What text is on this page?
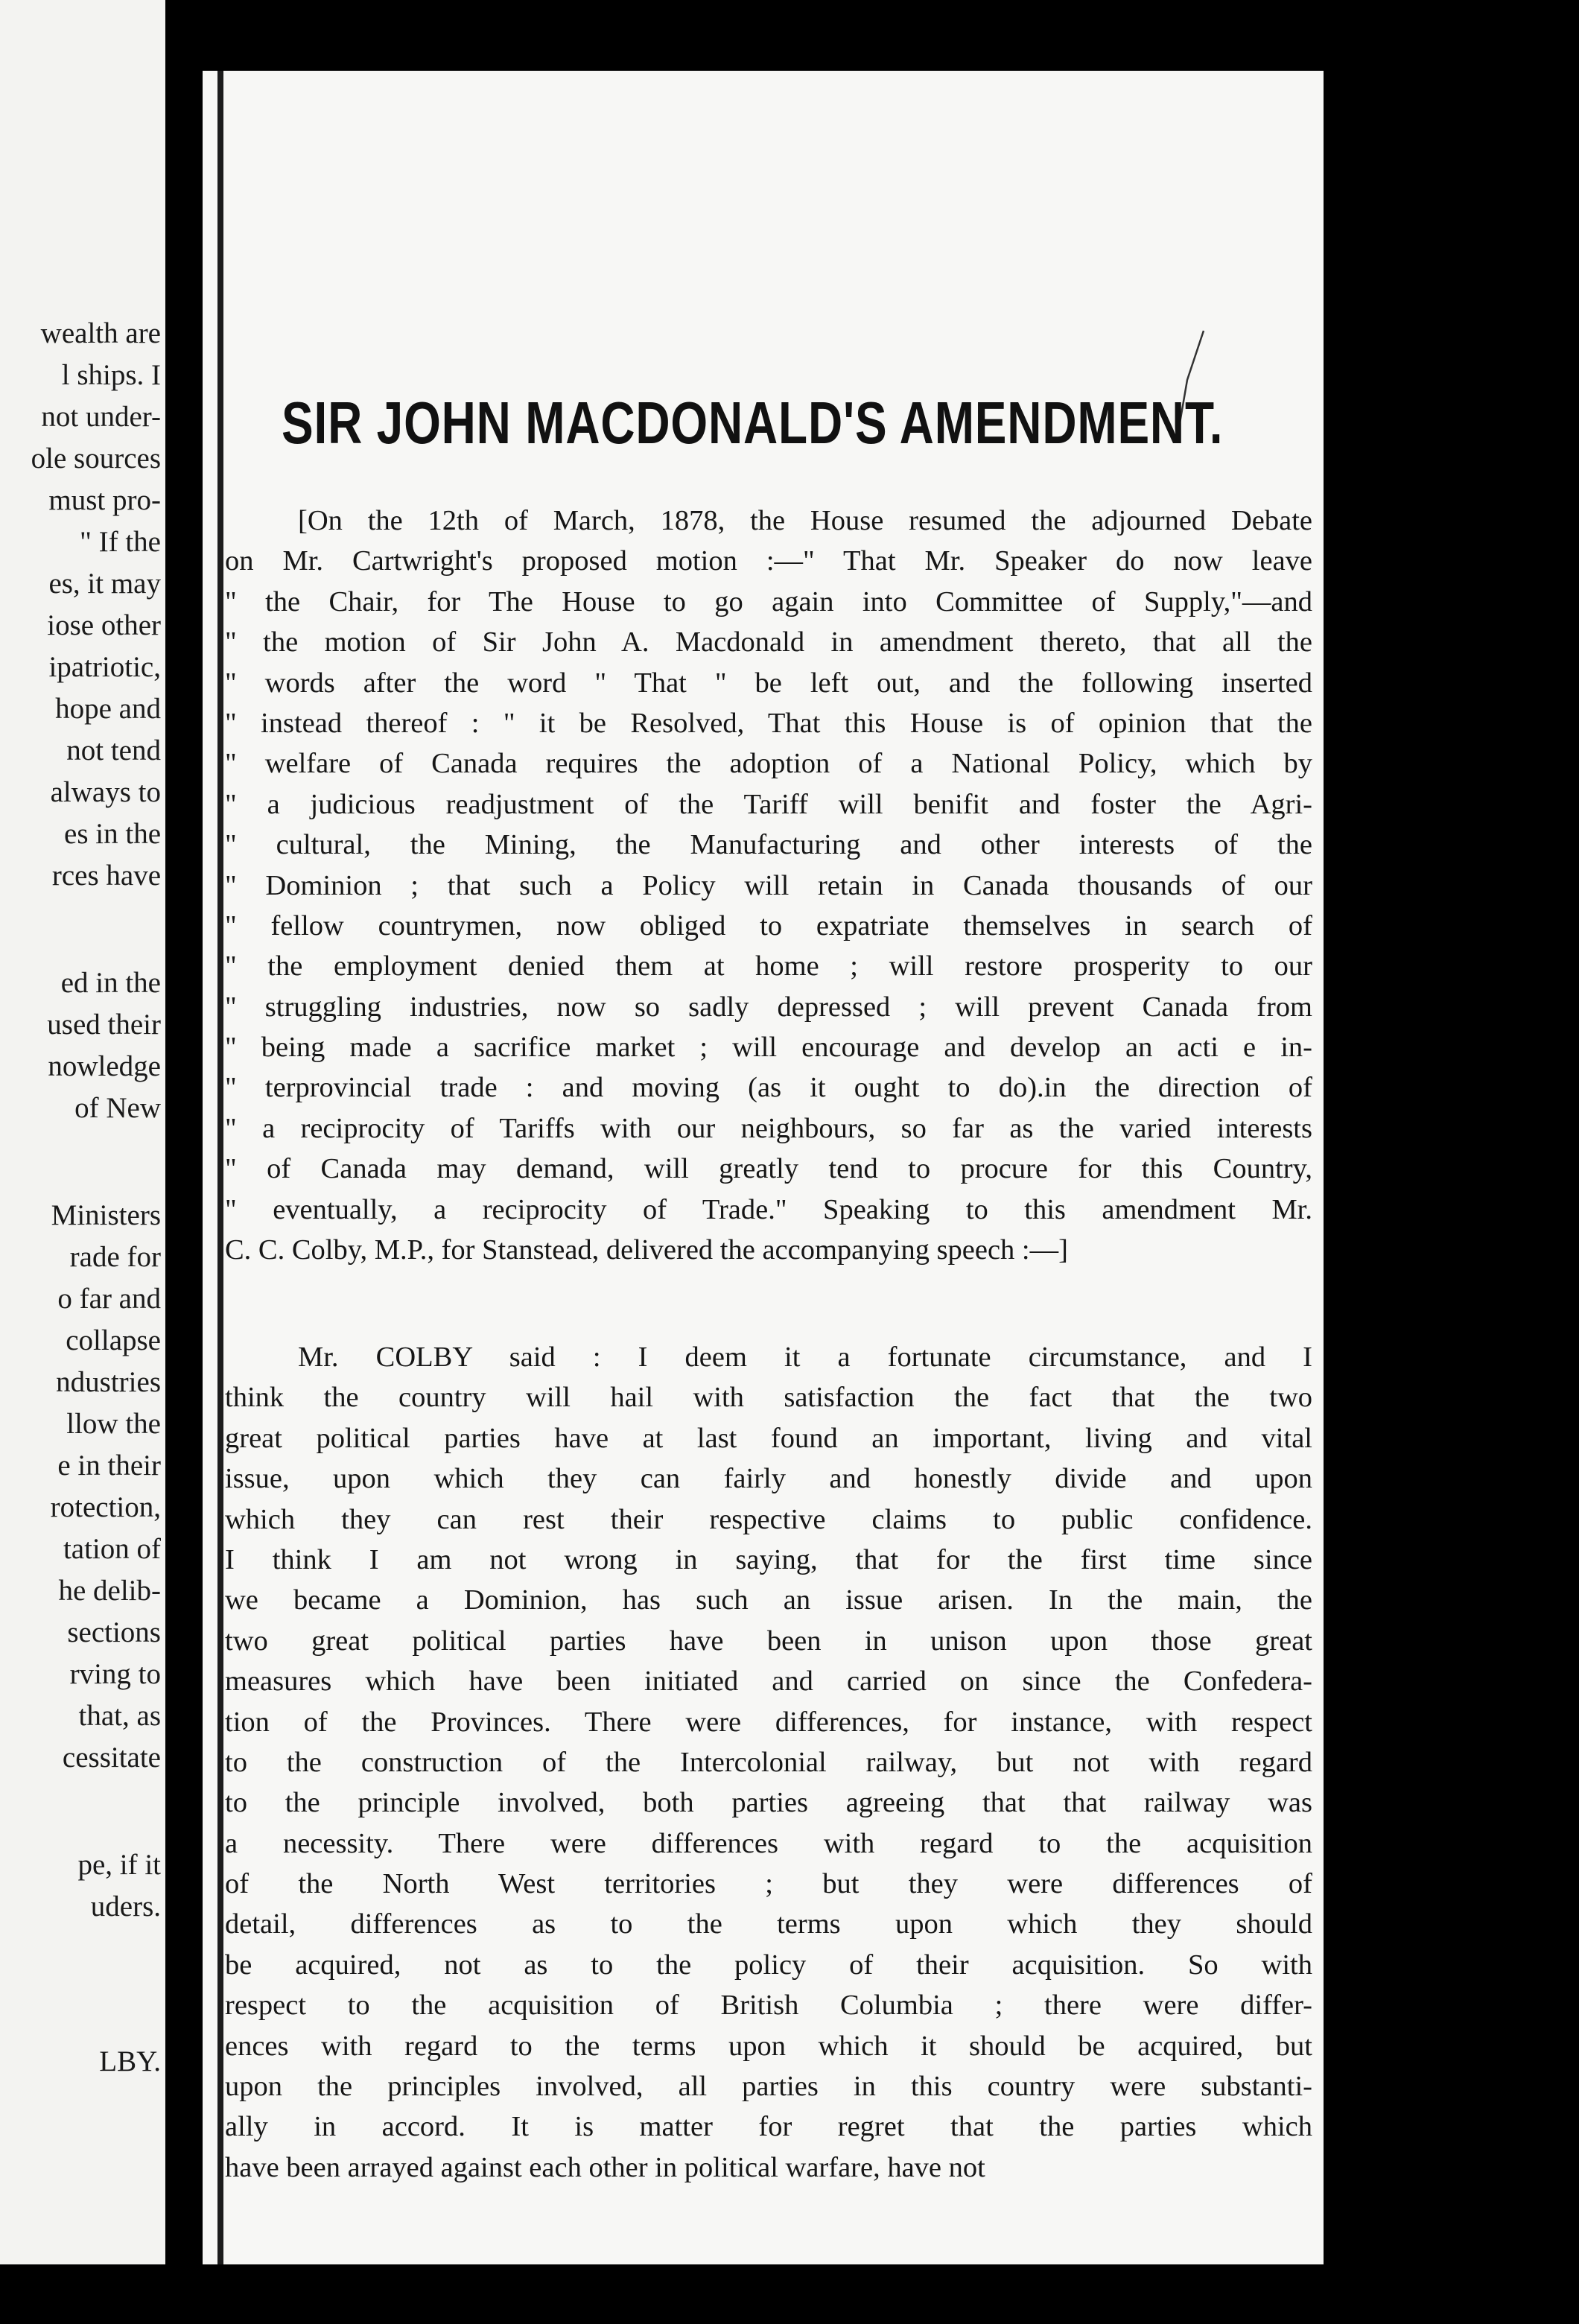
wealth are
l ships. I
not under-
ole sources
must pro-
" If the
es, it may
iose other
ipatriotic,
hope and
not tend
always to
es in the
rces have
ed in the
used their
nowledge
of New
Ministers
rade for
o far and
collapse
ndustries
llow the
e in their
rotection,
tation of
he delib-
sections
rving to
that, as
cessitate
pe, if it
uders.
LBY.
SIR JOHN MACDONALD'S AMENDMENT.
[On the 12th of March, 1878, the House resumed the adjourned Debate
on Mr. Cartwright's proposed motion :—" That Mr. Speaker do now leave
" the Chair, for The House to go again into Committee of Supply,"—and
" the motion of Sir John A. Macdonald in amendment thereto, that all the
" words after the word " That " be left out, and the following inserted
" instead thereof : " it be Resolved, That this House is of opinion that the
" welfare of Canada requires the adoption of a National Policy, which by
" a judicious readjustment of the Tariff will benifit and foster the Agri-
" cultural, the Mining, the Manufacturing and other interests of the
" Dominion ; that such a Policy will retain in Canada thousands of our
" fellow countrymen, now obliged to expatriate themselves in search of
" the employment denied them at home ; will restore prosperity to our
" struggling industries, now so sadly depressed ; will prevent Canada from
" being made a sacrifice market ; will encourage and develop an acti e in-
" terprovincial trade : and moving (as it ought to do).in the direction of
" a reciprocity of Tariffs with our neighbours, so far as the varied interests
" of Canada may demand, will greatly tend to procure for this Country,
" eventually, a reciprocity of Trade." Speaking to this amendment Mr.
C. C. Colby, M.P., for Stanstead, delivered the accompanying speech :—]
Mr. COLBY said : I deem it a fortunate circumstance, and I
think the country will hail with satisfaction the fact that the two
great political parties have at last found an important, living and vital
issue, upon which they can fairly and honestly divide and upon
which they can rest their respective claims to public confidence.
I think I am not wrong in saying, that for the first time since
we became a Dominion, has such an issue arisen. In the main, the
two great political parties have been in unison upon those great
measures which have been initiated and carried on since the Confedera-
tion of the Provinces. There were differences, for instance, with respect
to the construction of the Intercolonial railway, but not with regard
to the principle involved, both parties agreeing that that railway was
a necessity. There were differences with regard to the acquisition
of the North West territories ; but they were differences of
detail, differences as to the terms upon which they should
be acquired, not as to the policy of their acquisition. So with
respect to the acquisition of British Columbia ; there were differ-
ences with regard to the terms upon which it should be acquired, but
upon the principles involved, all parties in this country were substanti-
ally in accord. It is matter for regret that the parties which
have been arrayed against each other in political warfare, have not
